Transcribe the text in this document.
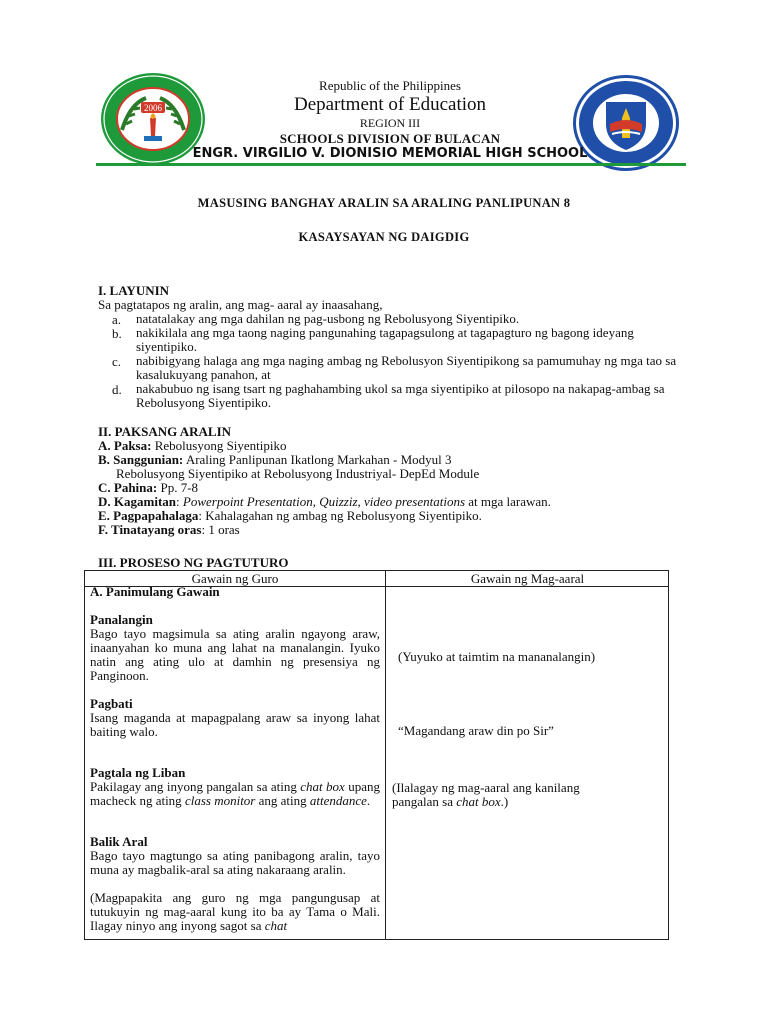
2006
Republic of the Philippines
Department of Education
REGION III
SCHOOLS DIVISION OF BULACAN
ENGR. VIRGILIO V. DIONISIO MEMORIAL HIGH SCHOOL
MASUSING BANGHAY ARALIN SA ARALING PANLIPUNAN 8
KASAYSAYAN NG DAIGDIG
I. LAYUNIN
Sa pagtatapos ng aralin, ang mag- aaral ay inaasahang,
a. natatalakay ang mga dahilan ng pag-usbong ng Rebolusyong Siyentipiko.
b. nakikilala ang mga taong naging pangunahing tagapagsulong at tagapagturo ng bagong ideyang siyentipiko.
c. nabibigyang halaga ang mga naging ambag ng Rebolusyon Siyentipikong sa pamumuhay ng mga tao sa kasalukuyang panahon, at
d. nakabubuo ng isang tsart ng paghahambing ukol sa mga siyentipiko at pilosopo na nakapag-ambag sa Rebolusyong Siyentipiko.
II. PAKSANG ARALIN
A. Paksa: Rebolusyong Siyentipiko
B. Sanggunian: Araling Panlipunan Ikatlong Markahan - Modyul 3
Rebolusyong Siyentipiko at Rebolusyong Industriyal- DepEd Module
C. Pahina: Pp. 7-8
D. Kagamitan: Powerpoint Presentation, Quizziz, video presentations at mga larawan.
E. Pagpapahalaga: Kahalagahan ng ambag ng Rebolusyong Siyentipiko.
F. Tinatayang oras: 1 oras
III. PROSESO NG PAGTUTURO
Gawain ng Guro	Gawain ng Mag-aaral
A. Panimulang Gawain
Panalangin
Bago tayo magsimula sa ating aralin ngayong araw, inaanyahan ko muna ang lahat na manalangin. Iyuko natin ang ating ulo at damhin ng presensiya ng Panginoon.
(Yuyuko at taimtim na mananalangin)
Pagbati
Isang maganda at mapagpalang araw sa inyong lahat baiting walo.	“Magandang araw din po Sir”
Pagtala ng Liban
Pakilagay ang inyong pangalan sa ating chat box upang macheck ng ating class monitor ang ating attendance.
(Ilalagay ng mag-aaral ang kanilang
pangalan sa chat box.)
Balik Aral
Bago tayo magtungo sa ating panibagong aralin, tayo muna ay magbalik-aral sa ating nakaraang aralin.
(Magpapakita ang guro ng mga pangungusap at tutukuyin ng mag-aaral kung ito ba ay Tama o Mali. Ilagay ninyo ang inyong sagot sa chat
